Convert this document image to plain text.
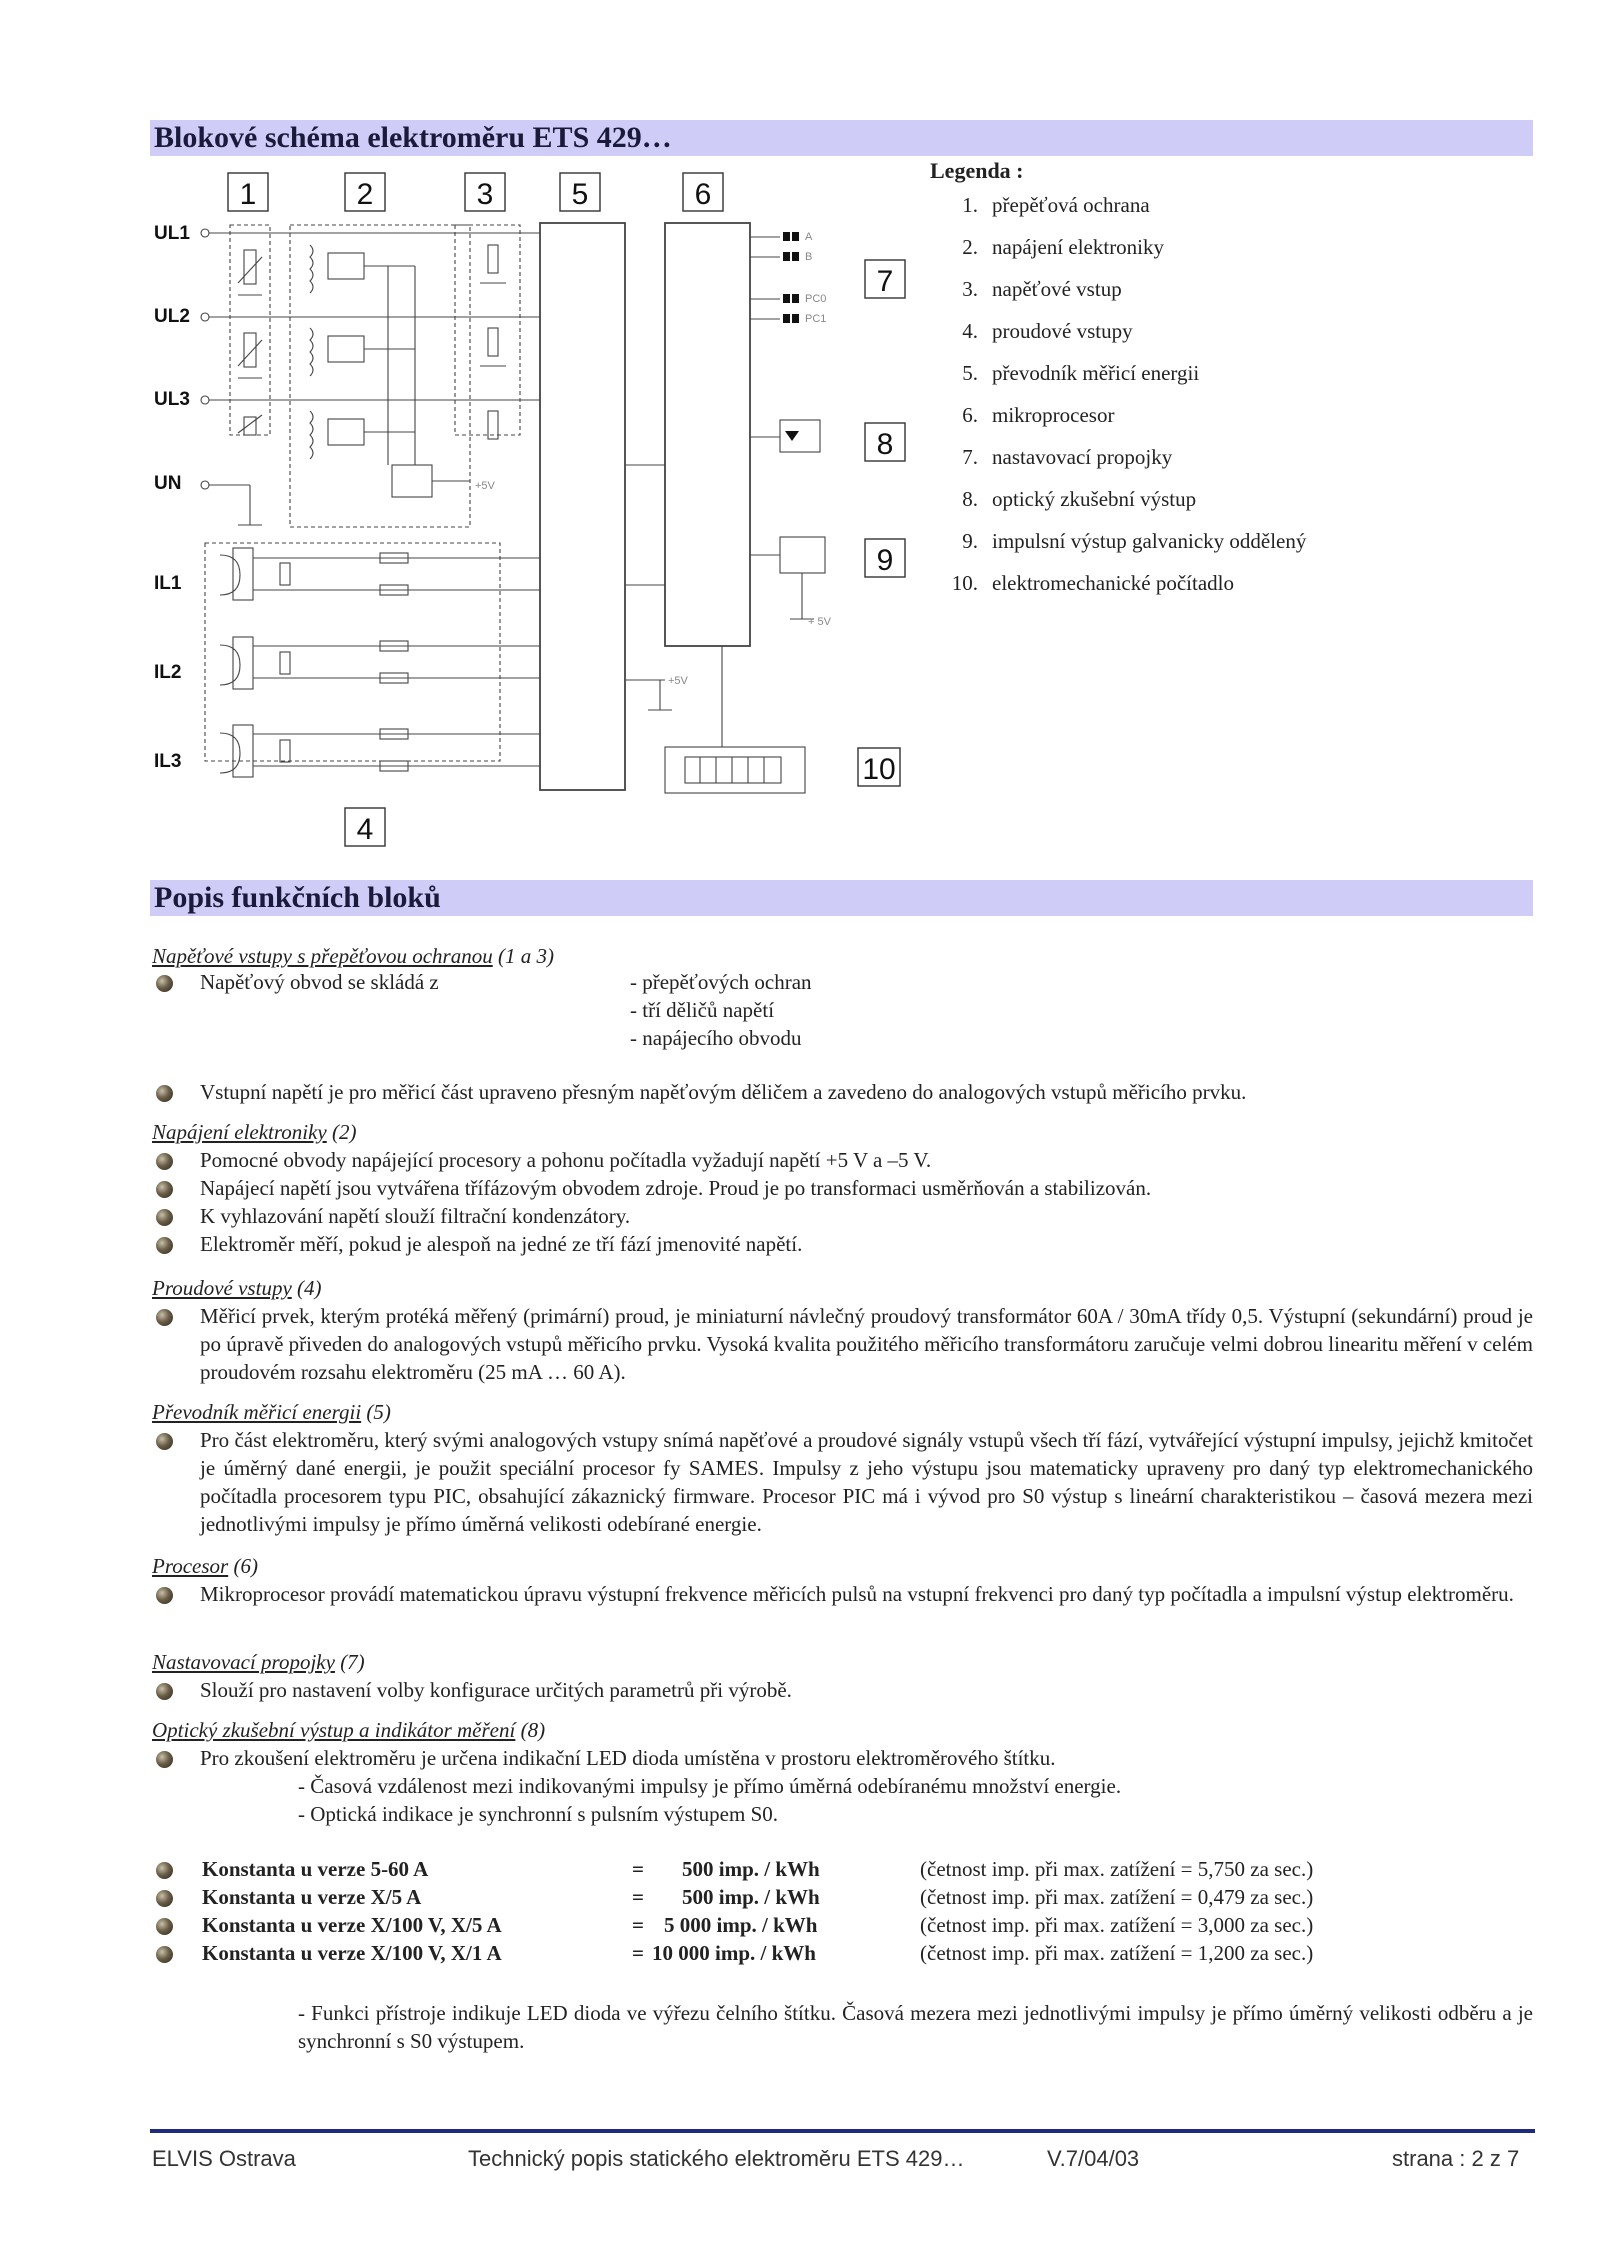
Blokové schéma elektroměru ETS 429…
1	2	3	5	6
7
8
9
10
4
UL1
UL2
UL3
UN
IL1
IL2
IL3
A
B
PC0
PC1
+5V
+ 5V
+5V
Legenda :
1. přepěťová ochrana
2. napájení elektroniky
3. napěťové vstup
4. proudové vstupy
5. převodník měřicí energii
6. mikroprocesor
7. nastavovací propojky
8. optický zkušební výstup
9. impulsní výstup galvanicky oddělený
10. elektromechanické počítadlo
Popis funkčních bloků
Napěťové vstupy s přepěťovou ochranou (1 a 3)
Napěťový obvod se skládá z	- přepěťových ochran
- tří děličů napětí
- napájecího obvodu
Vstupní napětí je pro měřicí část upraveno přesným napěťovým děličem a zavedeno do analogových vstupů měřicího prvku.
Napájení elektroniky (2)
Pomocné obvody napájející procesory a pohonu počítadla vyžadují napětí +5 V a –5 V.
Napájecí napětí jsou vytvářena třífázovým obvodem zdroje. Proud je po transformaci usměrňován a stabilizován.
K vyhlazování napětí slouží filtrační kondenzátory.
Elektroměr měří, pokud je alespoň na jedné ze tří fází jmenovité napětí.
Proudové vstupy (4)
Měřicí prvek, kterým protéká měřený (primární) proud, je miniaturní návlečný proudový transformátor 60A / 30mA třídy 0,5. Výstupní (sekundární) proud je po úpravě přiveden do analogových vstupů měřicího prvku. Vysoká kvalita použitého měřicího transformátoru zaručuje velmi dobrou linearitu měření v celém proudovém rozsahu elektroměru (25 mA … 60 A).
Převodník měřicí energii (5)
Pro část elektroměru, který svými analogových vstupy snímá napěťové a proudové signály vstupů všech tří fází, vytvářející výstupní impulsy, jejichž kmitočet je úměrný dané energii, je použit speciální procesor fy SAMES. Impulsy z jeho výstupu jsou matematicky upraveny pro daný typ elektromechanického počítadla procesorem typu PIC, obsahující zákaznický firmware. Procesor PIC má i vývod pro S0 výstup s lineární charakteristikou – časová mezera mezi jednotlivými impulsy je přímo úměrná velikosti odebírané energie.
Procesor (6)
Mikroprocesor provádí matematickou úpravu výstupní frekvence měřicích pulsů na vstupní frekvenci pro daný typ počítadla a impulsní výstup elektroměru.
Nastavovací propojky (7)
Slouží pro nastavení volby konfigurace určitých parametrů při výrobě.
Optický zkušební výstup a indikátor měření (8)
Pro zkoušení elektroměru je určena indikační LED dioda umístěna v prostoru elektroměrového štítku.
- Časová vzdálenost mezi indikovanými impulsy je přímo úměrná odebíranému množství energie.
- Optická indikace je synchronní s pulsním výstupem S0.
Konstanta u verze 5-60 A	= 500 imp. / kWh	(četnost imp. při max. zatížení = 5,750 za sec.)
Konstanta u verze X/5 A	= 500 imp. / kWh	(četnost imp. při max. zatížení = 0,479 za sec.)
Konstanta u verze X/100 V, X/5 A	= 5 000 imp. / kWh	(četnost imp. při max. zatížení = 3,000 za sec.)
Konstanta u verze X/100 V, X/1 A	= 10 000 imp. / kWh	(četnost imp. při max. zatížení = 1,200 za sec.)
- Funkci přístroje indikuje LED dioda ve výřezu čelního štítku. Časová mezera mezi jednotlivými impulsy je přímo úměrný velikosti odběru a je synchronní s S0 výstupem.
ELVIS Ostrava	Technický popis statického elektroměru ETS 429…	V.7/04/03	strana : 2 z 7
